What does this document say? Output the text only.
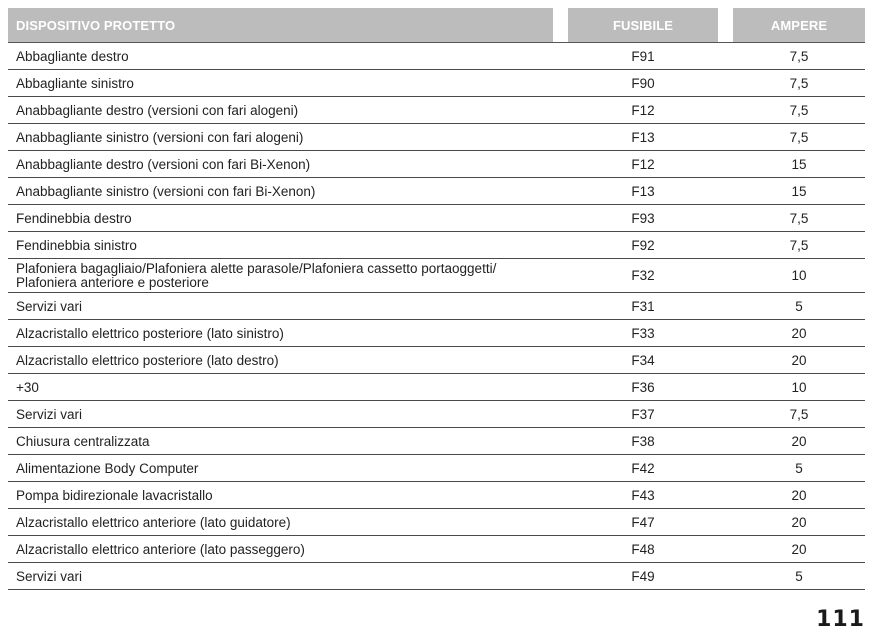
DISPOSITIVO PROTETTO		FUSIBILE		AMPERE
Abbagliante destro	F91			7,5
Abbagliante sinistro	F90			7,5
Anabbagliante destro (versioni con fari alogeni)	F12			7,5
Anabbagliante sinistro (versioni con fari alogeni)	F13			7,5
Anabbagliante destro (versioni con fari Bi-Xenon)	F12			15
Anabbagliante sinistro (versioni con fari Bi-Xenon)	F13			15
Fendinebbia destro	F93			7,5
Fendinebbia sinistro	F92			7,5

Plafoniera bagagliaio/Plafoniera alette parasole/Plafoniera cassetto portaoggetti/
Plafoniera anteriore e posteriore	F32			10
Servizi vari	F31			5
Alzacristallo elettrico posteriore (lato sinistro)	F33			20
Alzacristallo elettrico posteriore (lato destro)	F34			20
+30	F36			10
Servizi vari	F37			7,5
Chiusura centralizzata	F38			20
Alimentazione Body Computer	F42			5
Pompa bidirezionale lavacristallo	F43			20
Alzacristallo elettrico anteriore (lato guidatore)	F47			20
Alzacristallo elettrico anteriore (lato passeggero)	F48			20
Servizi vari	F49			5
111
